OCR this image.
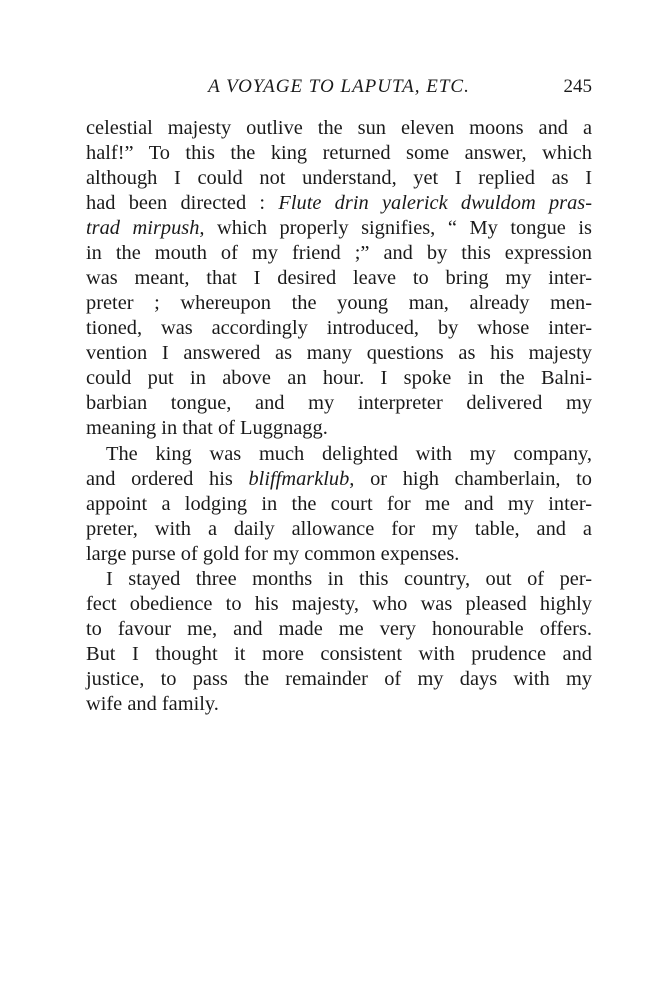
A VOYAGE TO LAPUTA, ETC.	245
celestial majesty outlive the sun eleven moons and a
half!” To this the king returned some answer, which
although I could not understand, yet I replied as I
had been directed : Flute drin yalerick dwuldom pras-
trad mirpush, which properly signifies, “ My tongue is
in the mouth of my friend ;” and by this expression
was meant, that I desired leave to bring my inter-
preter ; whereupon the young man, already men-
tioned, was accordingly introduced, by whose inter-
vention I answered as many questions as his majesty
could put in above an hour. I spoke in the Balni-
barbian tongue, and my interpreter delivered my
meaning in that of Luggnagg.
The king was much delighted with my company,
and ordered his bliffmarklub, or high chamberlain, to
appoint a lodging in the court for me and my inter-
preter, with a daily allowance for my table, and a
large purse of gold for my common expenses.
I stayed three months in this country, out of per-
fect obedience to his majesty, who was pleased highly
to favour me, and made me very honourable offers.
But I thought it more consistent with prudence and
justice, to pass the remainder of my days with my
wife and family.
